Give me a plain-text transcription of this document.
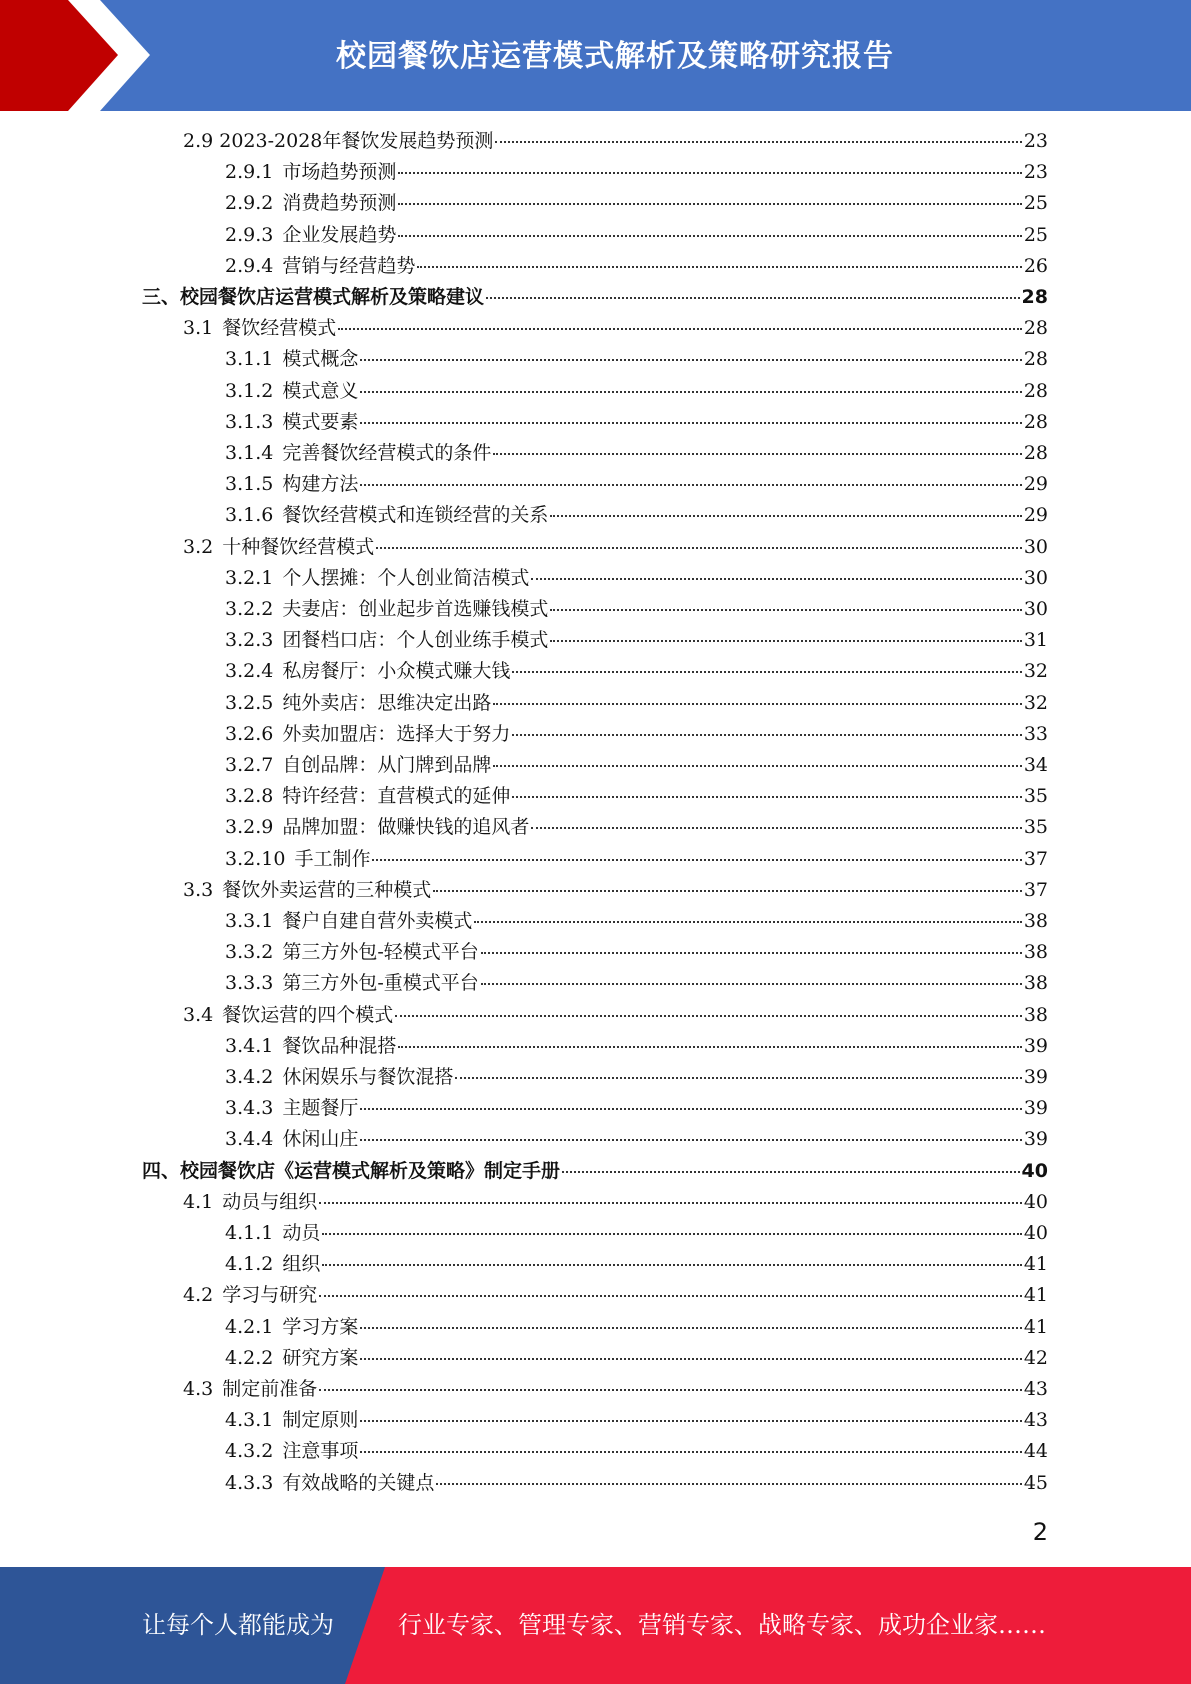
校园餐饮店运营模式解析及策略研究报告
2.9 2023-2028 年餐饮发展趋势预测	23
2.9.1 市场趋势预测	23
2.9.2 消费趋势预测	25
2.9.3 企业发展趋势	25
2.9.4 营销与经营趋势	26
三、 校园餐饮店运营模式解析及策略建议	28
3.1 餐饮经营模式	28
3.1.1 模式概念	28
3.1.2 模式意义	28
3.1.3 模式要素	28
3.1.4 完善餐饮经营模式的条件	28
3.1.5 构建方法	29
3.1.6 餐饮经营模式和连锁经营的关系	29
3.2 十种餐饮经营模式	30
3.2.1 个人摆摊：个人创业简洁模式	30
3.2.2 夫妻店：创业起步首选赚钱模式	30
3.2.3 团餐档口店：个人创业练手模式	31
3.2.4 私房餐厅：小众模式赚大钱	32
3.2.5 纯外卖店：思维决定出路	32
3.2.6 外卖加盟店：选择大于努力	33
3.2.7 自创品牌：从门牌到品牌	34
3.2.8 特许经营：直营模式的延伸	35
3.2.9 品牌加盟：做赚快钱的追风者	35
3.2.10 手工制作	37
3.3 餐饮外卖运营的三种模式	37
3.3.1 餐户自建自营外卖模式	38
3.3.2 第三方外包-轻模式平台	38
3.3.3 第三方外包-重模式平台	38
3.4 餐饮运营的四个模式	38
3.4.1 餐饮品种混搭	39
3.4.2 休闲娱乐与餐饮混搭	39
3.4.3 主题餐厅	39
3.4.4 休闲山庄	39
四、 校园餐饮店《运营模式解析及策略》制定手册	40
4.1 动员与组织	40
4.1.1 动员	40
4.1.2 组织	41
4.2 学习与研究	41
4.2.1 学习方案	41
4.2.2 研究方案	42
4.3 制定前准备	43
4.3.1 制定原则	43
4.3.2 注意事项	44
4.3.3 有效战略的关键点	45
2
让每个人都能成为	行业专家、管理专家、营销专家、战略专家、成功企业家……
